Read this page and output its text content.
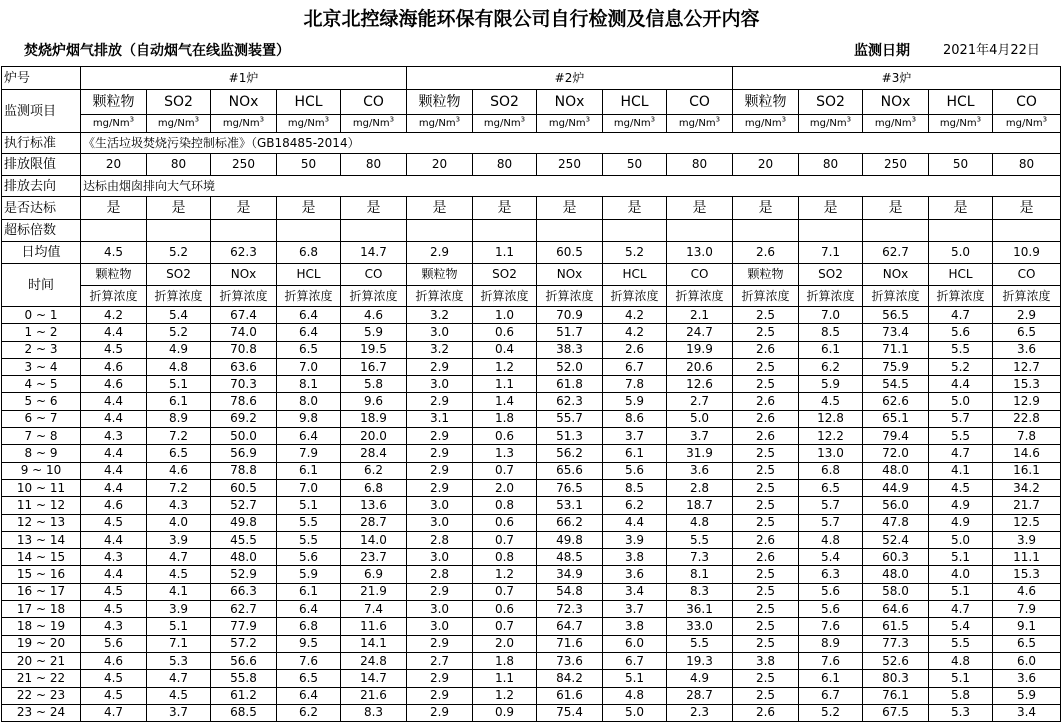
北京北控绿海能环保有限公司自行检测及信息公开内容
焚烧炉烟气排放（自动烟气在线监测装置）	监测日期	2021年4月22日
炉号	#1炉					#2炉					#3炉				
监测项目	颗粒物	SO2	NOx	HCL	CO	颗粒物	SO2	NOx	HCL	CO	颗粒物	SO2	NOx	HCL	CO
	mg/Nm$^3$	mg/Nm$^3$	mg/Nm$^3$	mg/Nm$^3$	mg/Nm$^3$	mg/Nm$^3$	mg/Nm$^3$	mg/Nm$^3$	mg/Nm$^3$	mg/Nm$^3$	mg/Nm$^3$	mg/Nm$^3$	mg/Nm$^3$	mg/Nm$^3$	mg/Nm$^3$
执行标准	《生活垃圾焚烧污染控制标准》（GB18485-2014）														
排放限值	20	80	250	50	80	20	80	250	50	80	20	80	250	50	80
排放去向	达标由烟囱排向大气环境														
是否达标	是	是	是	是	是	是	是	是	是	是	是	是	是	是	是
超标倍数															
日均值	4.5	5.2	62.3	6.8	14.7	2.9	1.1	60.5	5.2	13.0	2.6	7.1	62.7	5.0	10.9
时间	颗粒物	SO2	NOx	HCL	CO	颗粒物	SO2	NOx	HCL	CO	颗粒物	SO2	NOx	HCL	CO
	折算浓度	折算浓度	折算浓度	折算浓度	折算浓度	折算浓度	折算浓度	折算浓度	折算浓度	折算浓度	折算浓度	折算浓度	折算浓度	折算浓度	折算浓度
0 ~ 1	4.2	5.4	67.4	6.4	4.6	3.2	1.0	70.9	4.2	2.1	2.5	7.0	56.5	4.7	2.9
1 ~ 2	4.4	5.2	74.0	6.4	5.9	3.0	0.6	51.7	4.2	24.7	2.5	8.5	73.4	5.6	6.5
2 ~ 3	4.5	4.9	70.8	6.5	19.5	3.2	0.4	38.3	2.6	19.9	2.6	6.1	71.1	5.5	3.6
3 ~ 4	4.6	4.8	63.6	7.0	16.7	2.9	1.2	52.0	6.7	20.6	2.5	6.2	75.9	5.2	12.7
4 ~ 5	4.6	5.1	70.3	8.1	5.8	3.0	1.1	61.8	7.8	12.6	2.5	5.9	54.5	4.4	15.3
5 ~ 6	4.4	6.1	78.6	8.0	9.6	2.9	1.4	62.3	5.9	2.7	2.6	4.5	62.6	5.0	12.9
6 ~ 7	4.4	8.9	69.2	9.8	18.9	3.1	1.8	55.7	8.6	5.0	2.6	12.8	65.1	5.7	22.8
7 ~ 8	4.3	7.2	50.0	6.4	20.0	2.9	0.6	51.3	3.7	3.7	2.6	12.2	79.4	5.5	7.8
8 ~ 9	4.4	6.5	56.9	7.9	28.4	2.9	1.3	56.2	6.1	31.9	2.5	13.0	72.0	4.7	14.6
9 ~ 10	4.4	4.6	78.8	6.1	6.2	2.9	0.7	65.6	5.6	3.6	2.5	6.8	48.0	4.1	16.1
10 ~ 11	4.4	7.2	60.5	7.0	6.8	2.9	2.0	76.5	8.5	2.8	2.5	6.5	44.9	4.5	34.2
11 ~ 12	4.6	4.3	52.7	5.1	13.6	3.0	0.8	53.1	6.2	18.7	2.5	5.7	56.0	4.9	21.7
12 ~ 13	4.5	4.0	49.8	5.5	28.7	3.0	0.6	66.2	4.4	4.8	2.5	5.7	47.8	4.9	12.5
13 ~ 14	4.4	3.9	45.5	5.5	14.0	2.8	0.7	49.8	3.9	5.5	2.6	4.8	52.4	5.0	3.9
14 ~ 15	4.3	4.7	48.0	5.6	23.7	3.0	0.8	48.5	3.8	7.3	2.6	5.4	60.3	5.1	11.1
15 ~ 16	4.4	4.5	52.9	5.9	6.9	2.8	1.2	34.9	3.6	8.1	2.5	6.3	48.0	4.0	15.3
16 ~ 17	4.5	4.1	66.3	6.1	21.9	2.9	0.7	54.8	3.4	8.3	2.5	5.6	58.0	5.1	4.6
17 ~ 18	4.5	3.9	62.7	6.4	7.4	3.0	0.6	72.3	3.7	36.1	2.5	5.6	64.6	4.7	7.9
18 ~ 19	4.3	5.1	77.9	6.8	11.6	3.0	0.7	64.7	3.8	33.0	2.5	7.6	61.5	5.4	9.1
19 ~ 20	5.6	7.1	57.2	9.5	14.1	2.9	2.0	71.6	6.0	5.5	2.5	8.9	77.3	5.5	6.5
20 ~ 21	4.6	5.3	56.6	7.6	24.8	2.7	1.8	73.6	6.7	19.3	3.8	7.6	52.6	4.8	6.0
21 ~ 22	4.5	4.7	55.8	6.5	14.7	2.9	1.1	84.2	5.1	4.9	2.5	6.1	80.3	5.1	3.6
22 ~ 23	4.5	4.5	61.2	6.4	21.6	2.9	1.2	61.6	4.8	28.7	2.5	6.7	76.1	5.8	5.9
23 ~ 24	4.7	3.7	68.5	6.2	8.3	2.9	0.9	75.4	5.0	2.3	2.6	5.2	67.5	5.3	3.4
